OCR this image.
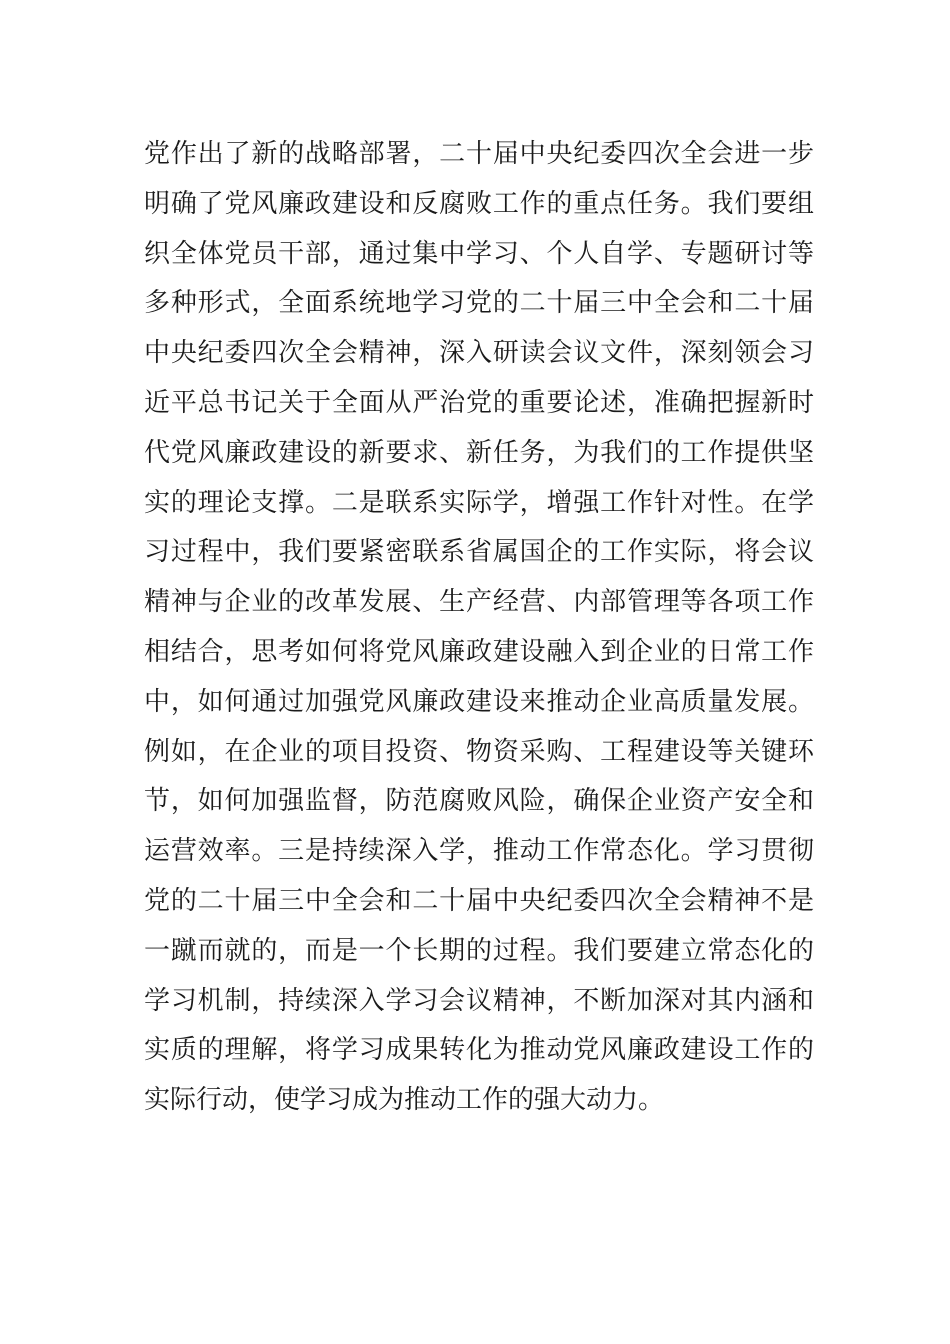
党作出了新的战略部署，二十届中央纪委四次全会进一步
明确了党风廉政建设和反腐败工作的重点任务。我们要组
织全体党员干部，通过集中学习、个人自学、专题研讨等
多种形式，全面系统地学习党的二十届三中全会和二十届
中央纪委四次全会精神，深入研读会议文件，深刻领会习
近平总书记关于全面从严治党的重要论述，准确把握新时
代党风廉政建设的新要求、新任务，为我们的工作提供坚
实的理论支撑。二是联系实际学，增强工作针对性。在学
习过程中，我们要紧密联系省属国企的工作实际，将会议
精神与企业的改革发展、生产经营、内部管理等各项工作
相结合，思考如何将党风廉政建设融入到企业的日常工作
中，如何通过加强党风廉政建设来推动企业高质量发展。
例如，在企业的项目投资、物资采购、工程建设等关键环
节，如何加强监督，防范腐败风险，确保企业资产安全和
运营效率。三是持续深入学，推动工作常态化。学习贯彻
党的二十届三中全会和二十届中央纪委四次全会精神不是
一蹴而就的，而是一个长期的过程。我们要建立常态化的
学习机制，持续深入学习会议精神，不断加深对其内涵和
实质的理解，将学习成果转化为推动党风廉政建设工作的
实际行动，使学习成为推动工作的强大动力。
